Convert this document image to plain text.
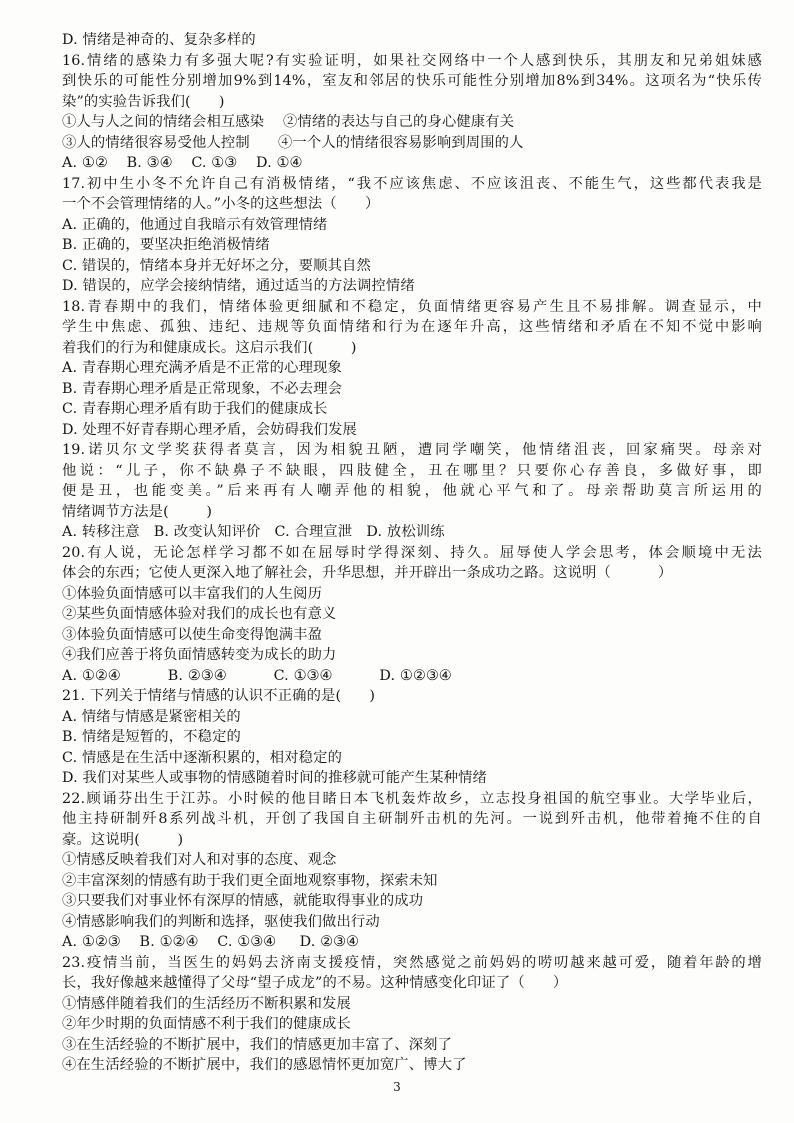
D. 情绪是神奇的、复杂多样的
16.情绪的感染力有多强大呢?有实验证明，如果社交网络中一个人感到快乐，其朋友和兄弟姐妹感
到快乐的可能性分别增加9%到14%，室友和邻居的快乐可能性分别增加8%到34%。这项名为“快乐传
染”的实验告诉我们(      )
①人与人之间的情绪会相互感染    ②情绪的表达与自己的身心健康有关
③人的情绪很容易受他人控制      ④一个人的情绪很容易影响到周围的人
A. ①②    B. ③④    C. ①③    D. ①④
17.初中生小冬不允许自己有消极情绪，“我不应该焦虑、不应该沮丧、不能生气，这些都代表我是
一个不会管理情绪的人。”小冬的这些想法（      ）
A. 正确的，他通过自我暗示有效管理情绪
B. 正确的，要坚决拒绝消极情绪
C. 错误的，情绪本身并无好坏之分，要顺其自然
D. 错误的，应学会接纳情绪，通过适当的方法调控情绪
18.青春期中的我们，情绪体验更细腻和不稳定，负面情绪更容易产生且不易排解。调查显示，中
学生中焦虑、孤独、违纪、违规等负面情绪和行为在逐年升高，这些情绪和矛盾在不知不觉中影响
着我们的行为和健康成长。这启示我们(        )
A. 青春期心理充满矛盾是不正常的心理现象
B. 青春期心理矛盾是正常现象，不必去理会
C. 青春期心理矛盾有助于我们的健康成长
D. 处理不好青春期心理矛盾，会妨碍我们发展
19.诺贝尔文学奖获得者莫言，因为相貌丑陋，遭同学嘲笑，他情绪沮丧，回家痛哭。母亲对
他说：“儿子，你不缺鼻子不缺眼，四肢健全，丑在哪里？只要你心存善良，多做好事，即
便是丑，也能变美。”后来再有人嘲弄他的相貌，他就心平气和了。母亲帮助莫言所运用的
情绪调节方法是(        )
A. 转移注意   B. 改变认知评价   C. 合理宣泄   D. 放松训练
20.有人说，无论怎样学习都不如在屈辱时学得深刻、持久。屈辱使人学会思考，体会顺境中无法
体会的东西；它使人更深入地了解社会，升华思想，并开辟出一条成功之路。这说明（          ）
①体验负面情感可以丰富我们的人生阅历
②某些负面情感体验对我们的成长也有意义
③体验负面情感可以使生命变得饱满丰盈
④我们应善于将负面情感转变为成长的助力
A. ①②④          B. ②③④          C. ①③④          D. ①②③④
21. 下列关于情绪与情感的认识不正确的是(      )
A. 情绪与情感是紧密相关的
B. 情绪是短暂的，不稳定的
C. 情感是在生活中逐渐积累的，相对稳定的
D. 我们对某些人或事物的情感随着时间的推移就可能产生某种情绪
22.顾诵芬出生于江苏。小时候的他目睹日本飞机轰炸故乡，立志投身祖国的航空事业。大学毕业后，
他主持研制歼8系列战斗机，开创了我国自主研制歼击机的先河。一说到歼击机，他带着掩不住的自
豪。这说明(        )
①情感反映着我们对人和对事的态度、观念
②丰富深刻的情感有助于我们更全面地观察事物，探索未知
③只要我们对事业怀有深厚的情感，就能取得事业的成功
④情感影响我们的判断和选择，驱使我们做出行动
A. ①②③    B. ①②④    C. ①③④     D. ②③④
23.疫情当前，当医生的妈妈去济南支援疫情，突然感觉之前妈妈的唠叨越来越可爱，随着年龄的增
长，我好像越来越懂得了父母“望子成龙”的不易。这种情感变化印证了（      ）
①情感伴随着我们的生活经历不断积累和发展
②年少时期的负面情感不利于我们的健康成长
③在生活经验的不断扩展中，我们的情感更加丰富了、深刻了
④在生活经验的不断扩展中，我们的感恩情怀更加宽广、博大了
3
